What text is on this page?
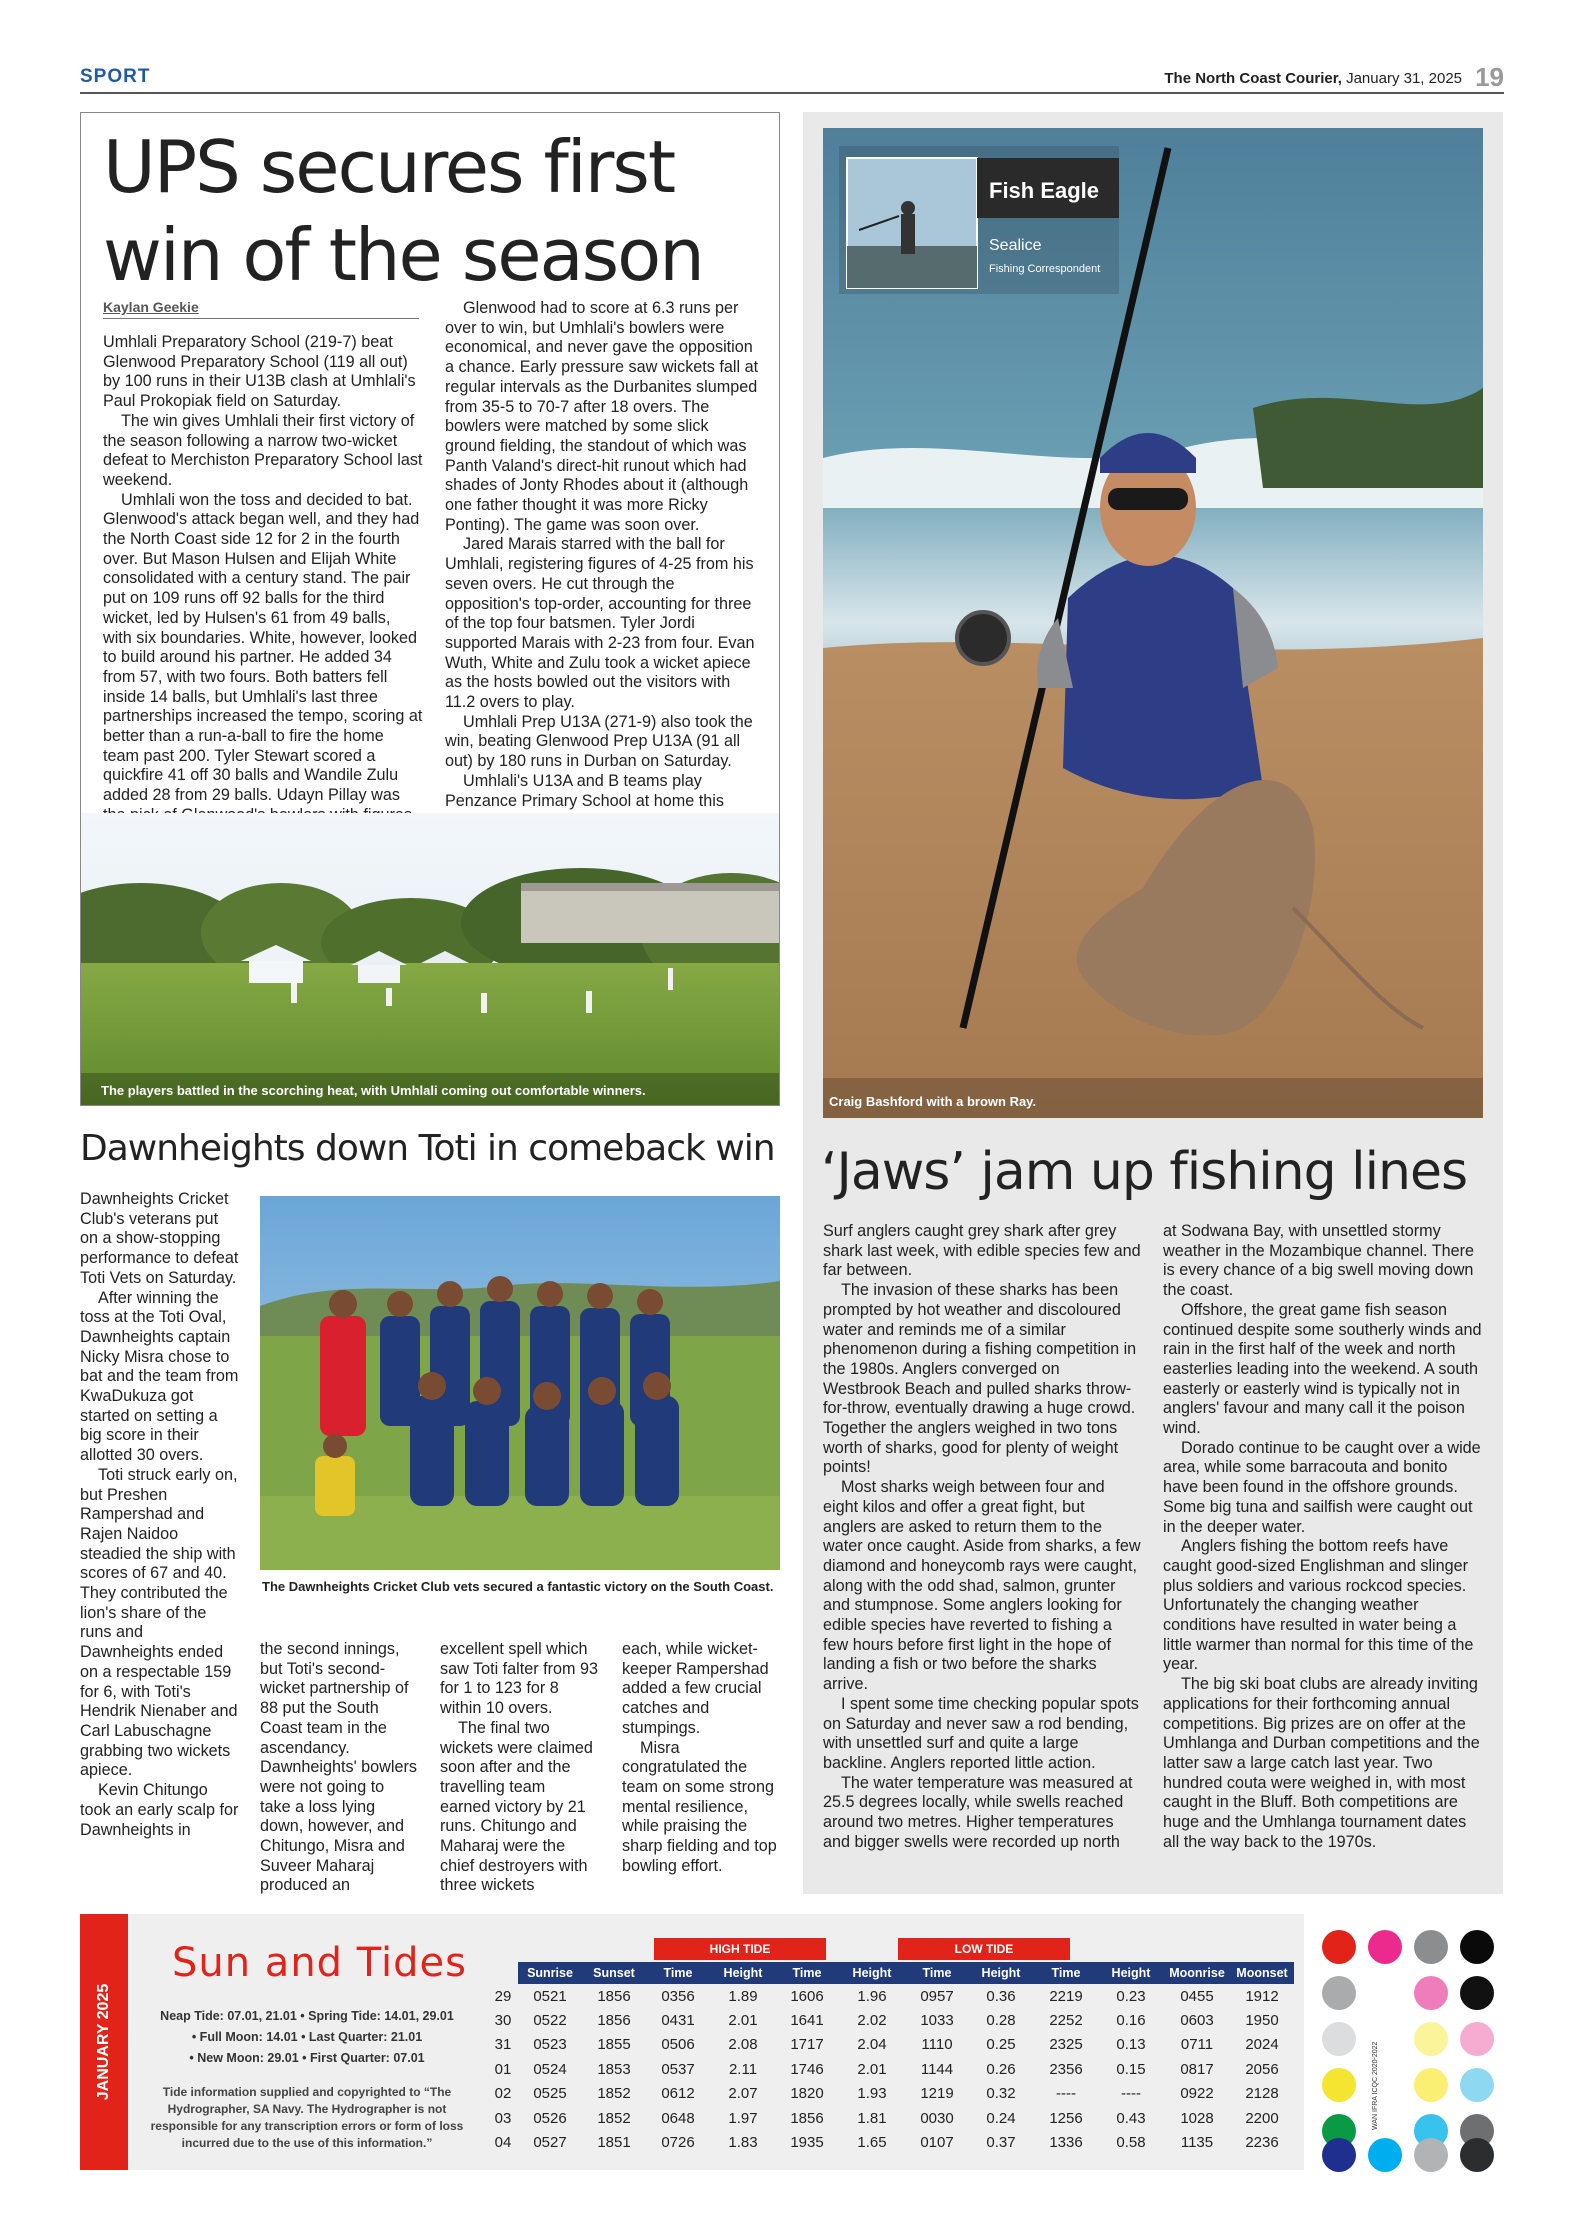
SPORT	The North Coast Courier, January 31, 2025 19
UPS secures first win of the season
Kaylan Geekie

Umhlali Preparatory School (219-7) beat Glenwood Preparatory School (119 all out) by 100 runs in their U13B clash at Umhlali's Paul Prokopiak field on Saturday.

The win gives Umhlali their first victory of the season following a narrow two-wicket defeat to Merchiston Preparatory School last weekend.

Umhlali won the toss and decided to bat. Glenwood's attack began well, and they had the North Coast side 12 for 2 in the fourth over. But Mason Hulsen and Elijah White consolidated with a century stand. The pair put on 109 runs off 92 balls for the third wicket, led by Hulsen's 61 from 49 balls, with six boundaries. White, however, looked to build around his partner. He added 34 from 57, with two fours. Both batters fell inside 14 balls, but Umhlali's last three partnerships increased the tempo, scoring at better than a run-a-ball to fire the home team past 200. Tyler Stewart scored a quickfire 41 off 30 balls and Wandile Zulu added 28 from 29 balls. Udayn Pillay was

Glenwood had to score at 6.3 runs per over to win, but Umhlali's bowlers were economical, and never gave the opposition a chance. Early pressure saw wickets fall at regular intervals as the Durbanites slumped from 35-5 to 70-7 after 18 overs. The bowlers were matched by some slick ground fielding, the standout of which was Panth Valand's direct-hit runout which had shades of Jonty Rhodes about it (although one father thought it was more Ricky Ponting). The game was soon over.

Jared Marais starred with the ball for Umhlali, registering figures of 4-25 from his seven overs. He cut through the opposition's top-order, accounting for three of the top four batsmen. Tyler Jordi supported Marais with 2-23 from four. Evan Wuth, White and Zulu took a wicket apiece as the hosts bowled out the visitors with 11.2 overs to play.

Umhlali Prep U13A (271-9) also took the win, beating Glenwood Prep U13A (91 all out) by 180 runs in Durban on Saturday.

Umhlali's U13A and B teams play Penzance Primary School at home this

The players battled in the scorching heat, with Umhlali coming out comfortable winners.
Craig Bashford with a brown Ray.
Fish Eagle
Sealice
Fishing Correspondent
‘Jaws’ jam up fishing lines

Surf anglers caught grey shark after grey shark last week, with edible species few and far between.

The invasion of these sharks has been prompted by hot weather and discoloured water and reminds me of a similar phenomenon during a fishing competition in the 1980s. Anglers converged on Westbrook Beach and pulled sharks throw-for-throw, eventually drawing a huge crowd. Together the anglers weighed in two tons worth of sharks, good for plenty of weight points!

Most sharks weigh between four and eight kilos and offer a great fight, but anglers are asked to return them to the water once caught. Aside from sharks, a few diamond and honeycomb rays were caught, along with the odd shad, salmon, grunter and stumpnose. Some anglers looking for edible species have reverted to fishing a few hours before first light in the hope of landing a fish or two before the sharks arrive.

I spent some time checking popular spots on Saturday and never saw a rod bending, with unsettled surf and quite a large backline. Anglers reported little action.

The water temperature was measured at 25.5 degrees locally, while swells reached around two metres. Higher temperatures and bigger swells were recorded up north

at Sodwana Bay, with unsettled stormy weather in the Mozambique channel. There is every chance of a big swell moving down the coast.

Offshore, the great game fish season continued despite some southerly winds and rain in the first half of the week and north easterlies leading into the weekend. A south easterly or easterly wind is typically not in anglers' favour and many call it the poison wind.

Dorado continue to be caught over a wide area, while some barracouta and bonito have been found in the offshore grounds. Some big tuna and sailfish were caught out in the deeper water.

Anglers fishing the bottom reefs have caught good-sized Englishman and slinger plus soldiers and various rockcod species. Unfortunately the changing weather conditions have resulted in water being a little warmer than normal for this time of the year.

The big ski boat clubs are already inviting applications for their forthcoming annual competitions. Big prizes are on offer at the Umhlanga and Durban competitions and the latter saw a large catch last year. Two hundred couta were weighed in, with most caught in the Bluff. Both competitions are huge and the Umhlanga tournament dates all the way back to the 1970s.

Dawnheights down Toti in comeback win

Dawnheights Cricket Club's veterans put on a show-stopping performance to defeat Toti Vets on Saturday.

After winning the toss at the Toti Oval, Dawnheights captain Nicky Misra chose to bat and the team from KwaDukuza got started on setting a big score in their allotted 30 overs.

Toti struck early on, but Preshen Rampershad and Rajen Naidoo steadied the ship with scores of 67 and 40. They contributed the lion's share of the runs and Dawnheights ended on a respectable 159 for 6, with Toti's Hendrik Nienaber and Carl Labuschagne grabbing two wickets apiece.

Kevin Chitungo took an early scalp for Dawnheights in

The Dawnheights Cricket Club vets secured a fantastic victory on the South Coast.

the second innings, but Toti's second-wicket partnership of 88 put the South Coast team in the ascendancy. Dawnheights' bowlers were not going to take a loss lying down, however, and Chitungo, Misra and Suveer Maharaj produced an

excellent spell which saw Toti falter from 93 for 1 to 123 for 8 within 10 overs.

The final two wickets were claimed soon after and the travelling team earned victory by 21 runs. Chitungo and Maharaj were the chief destroyers with three wickets

each, while wicket-keeper Rampershad added a few crucial catches and stumpings.

Misra congratulated the team on some strong mental resilience, while praising the sharp fielding and top bowling effort.

JANUARY 2025
Sun and Tides
Neap Tide: 07.01, 21.01 • Spring Tide: 14.01, 29.01
• Full Moon: 14.01 • Last Quarter: 21.01
• New Moon: 29.01 • First Quarter: 07.01
Tide information supplied and copyrighted to “The Hydrographer, SA Navy. The Hydrographer is not responsible for any transcription errors or form of loss incurred due to the use of this information.”
HIGH TIDE	LOW TIDE
	Sunrise	Sunset	Time	Height	Time	Height	Time	Height	Time	Height	Moonrise	Moonset
29	0521	1856	0356	1.89	1606	1.96	0957	0.36	2219	0.23	0455	1912
30	0522	1856	0431	2.01	1641	2.02	1033	0.28	2252	0.16	0603	1950
31	0523	1855	0506	2.08	1717	2.04	1110	0.25	2325	0.13	0711	2024
01	0524	1853	0537	2.11	1746	2.01	1144	0.26	2356	0.15	0817	2056
02	0525	1852	0612	2.07	1820	1.93	1219	0.32	----	----	0922	2128
03	0526	1852	0648	1.97	1856	1.81	0030	0.24	1256	0.43	1028	2200
04	0527	1851	0726	1.83	1935	1.65	0107	0.37	1336	0.58	1135	2236
WAN IFRA ICQC 2020-2022
